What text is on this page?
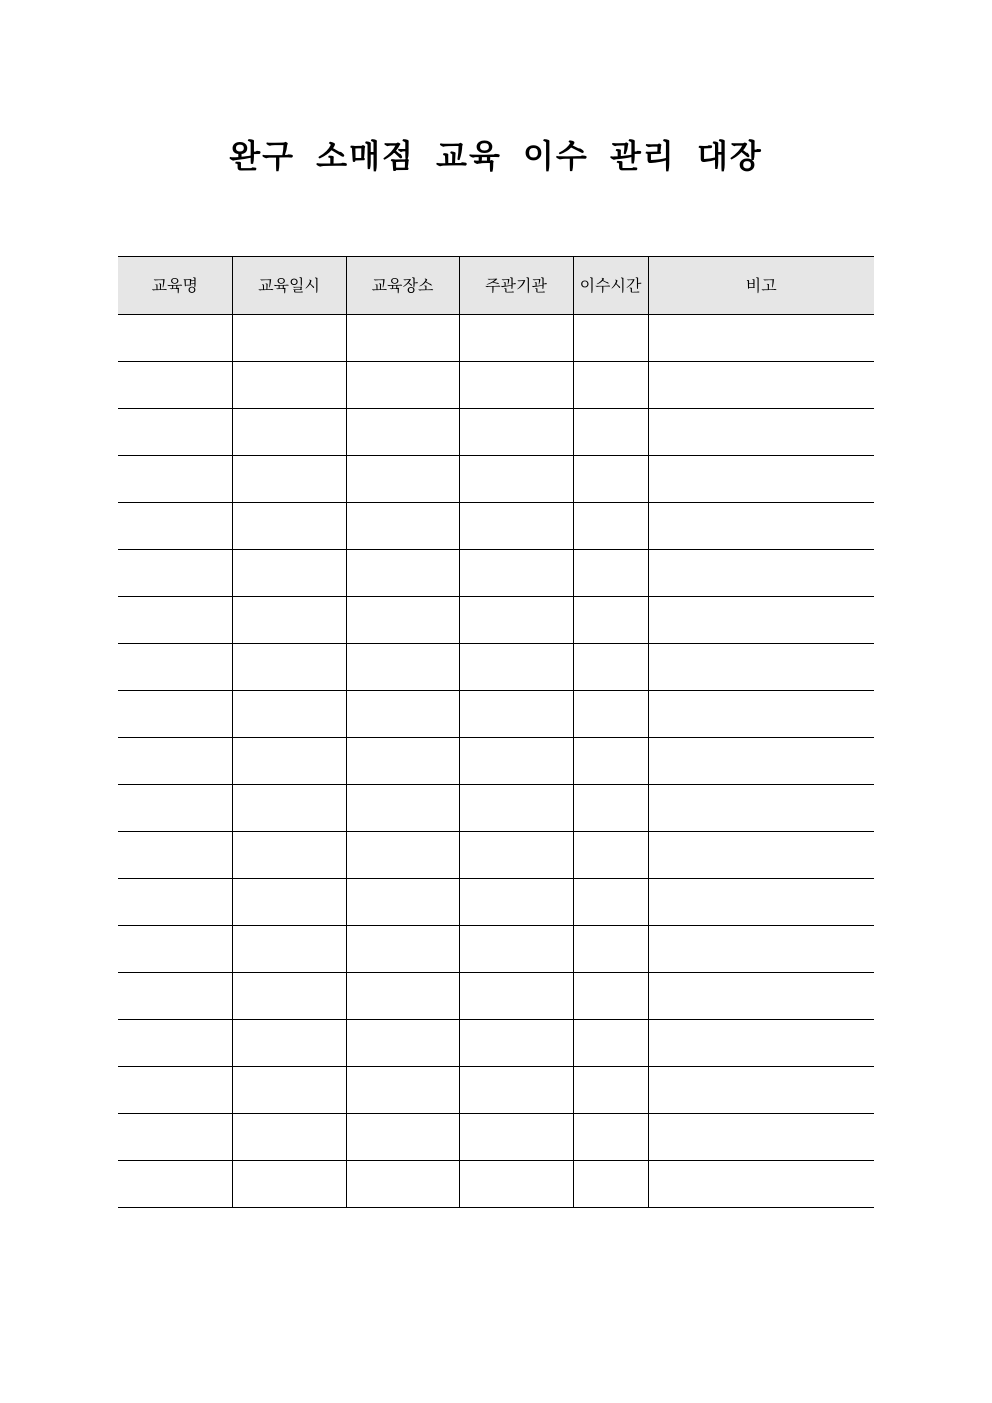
완구 소매점 교육 이수 관리 대장
교육명	교육일시	교육장소	주관기관	이수시간	비고
